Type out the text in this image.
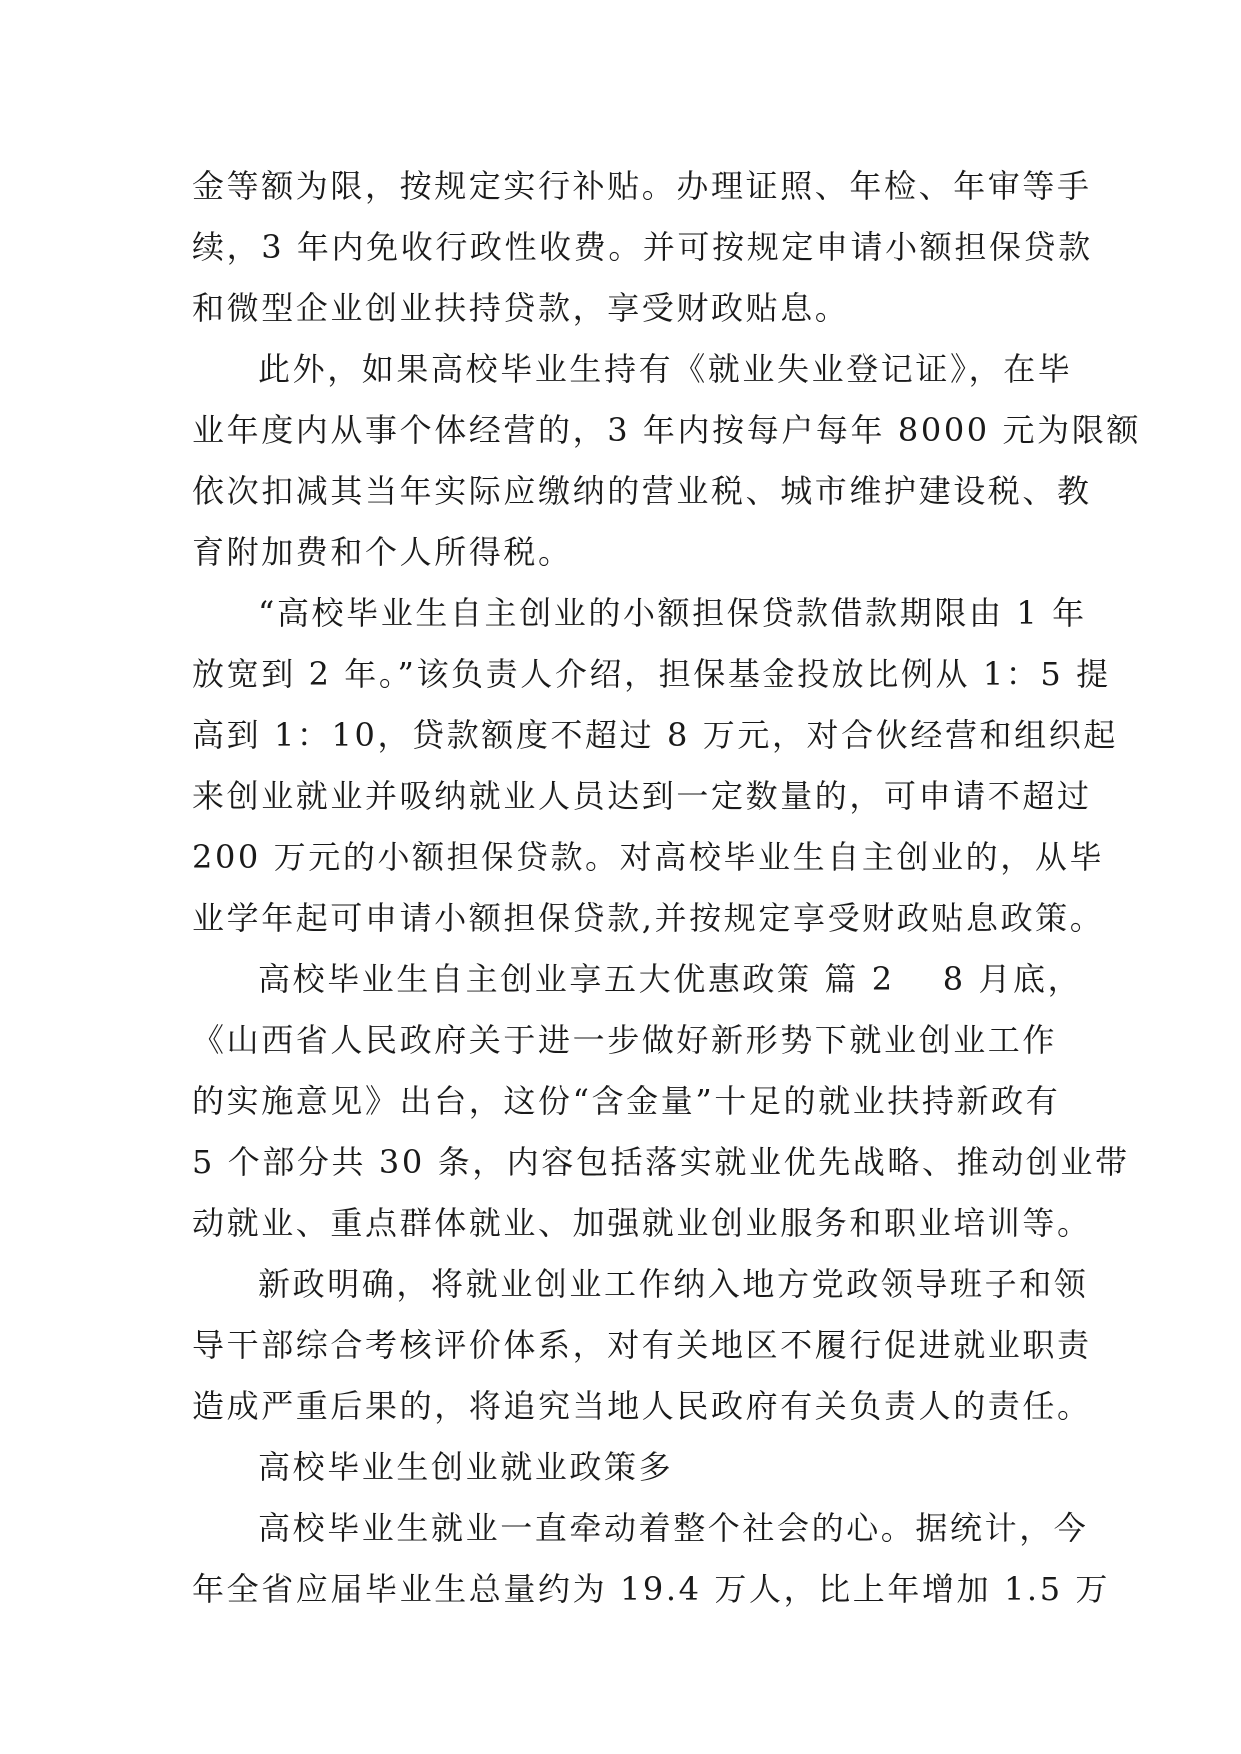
金等额为限，按规定实行补贴。办理证照、年检、年审等手
续，3 年内免收行政性收费。并可按规定申请小额担保贷款
和微型企业创业扶持贷款，享受财政贴息。
此外，如果高校毕业生持有《就业失业登记证》，在毕
业年度内从事个体经营的，3 年内按每户每年 8000 元为限额
依次扣减其当年实际应缴纳的营业税、城市维护建设税、教
育附加费和个人所得税。
“高校毕业生自主创业的小额担保贷款借款期限由 1 年
放宽到 2 年。”该负责人介绍，担保基金投放比例从 1：5 提
高到 1：10，贷款额度不超过 8 万元，对合伙经营和组织起
来创业就业并吸纳就业人员达到一定数量的，可申请不超过
200 万元的小额担保贷款。对高校毕业生自主创业的，从毕
业学年起可申请小额担保贷款,并按规定享受财政贴息政策。
高校毕业生自主创业享五大优惠政策 篇 2 8 月底，
《山西省人民政府关于进一步做好新形势下就业创业工作
的实施意见》出台，这份“含金量”十足的就业扶持新政有
5 个部分共 30 条，内容包括落实就业优先战略、推动创业带
动就业、重点群体就业、加强就业创业服务和职业培训等。
新政明确，将就业创业工作纳入地方党政领导班子和领
导干部综合考核评价体系，对有关地区不履行促进就业职责
造成严重后果的，将追究当地人民政府有关负责人的责任。
高校毕业生创业就业政策多
高校毕业生就业一直牵动着整个社会的心。据统计，今
年全省应届毕业生总量约为 19.4 万人，比上年增加 1.5 万
